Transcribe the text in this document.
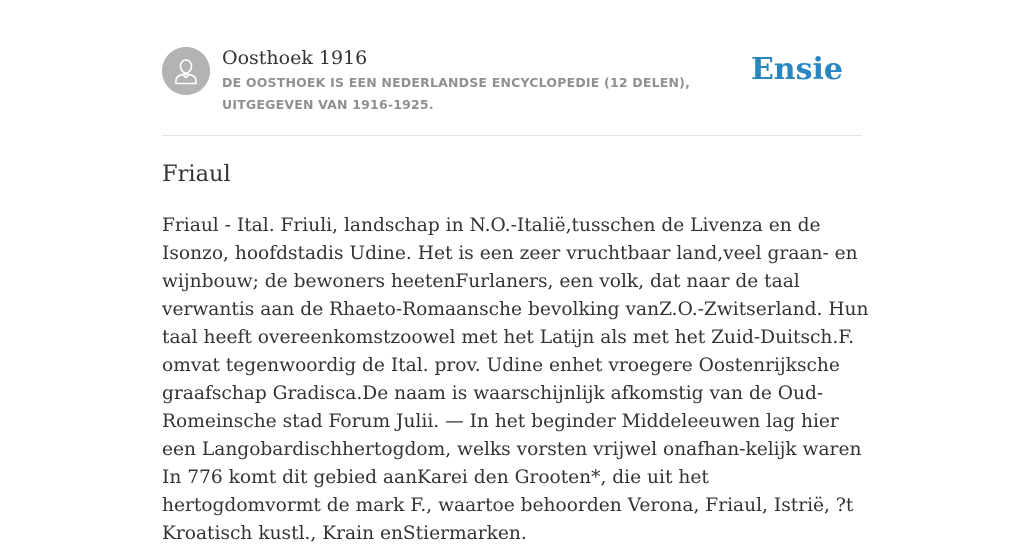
Oosthoek 1916
DE OOSTHOEK IS EEN NEDERLANDSE ENCYCLOPEDIE (12 DELEN), UITGEGEVEN VAN 1916-1925.
Ensie
Friaul

Friaul - Ital. Friuli, landschap in N.O.-Italië,tusschen de Livenza en de Isonzo, hoofdstadis Udine. Het is een zeer vruchtbaar land,veel graan- en wijnbouw; de bewoners heetenFurlaners, een volk, dat naar de taal verwantis aan de Rhaeto-Romaansche bevolking vanZ.O.-Zwitserland. Hun taal heeft overeenkomstzoowel met het Latijn als met het Zuid-Duitsch.F. omvat tegenwoordig de Ital. prov. Udine enhet vroegere Oostenrijksche graafschap Gradisca.De naam is waarschijnlijk afkomstig van de Oud-Romeinsche stad Forum Julii. — In het beginder Middeleeuwen lag hier een Langobardischhertogdom, welks vorsten vrijwel onafhan-kelijk waren In 776 komt dit gebied aanKarei den Grooten*, die uit het hertogdomvormt de mark F., waartoe behoorden Verona, Friaul, Istrië, ?t Kroatisch kustl., Krain enStiermarken.
